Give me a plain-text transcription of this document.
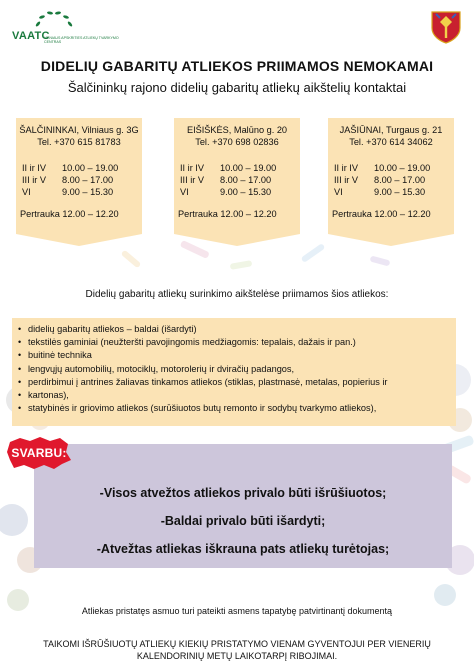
VAATC
VILNIAUS APSKRITIES ATLIEKŲ TVARKYMO CENTRAS
DIDELIŲ GABARITŲ ATLIEKOS PRIIMAMOS NEMOKAMAI
Šalčininkų rajono didelių gabaritų atliekų aikštelių kontaktai
ŠALČININKAI, Vilniaus g. 3G
Tel. +370 615 81783
II ir IV	10.00 – 19.00
III ir V	8.00 – 17.00
VI	9.00 – 15.30
Pertrauka 12.00 – 12.20
EIŠIŠKĖS, Malūno g. 20
Tel. +370 698 02836
II ir IV	10.00 – 19.00
III ir V	8.00 – 17.00
VI	9.00 – 15.30
Pertrauka 12.00 – 12.20
JAŠIŪNAI, Turgaus g. 21
Tel. +370 614 34062
II ir IV	10.00 – 19.00
III ir V	8.00 – 17.00
VI	9.00 – 15.30
Pertrauka 12.00 – 12.20
Didelių gabaritų atliekų surinkimo aikštelėse priimamos šios atliekos:
• didelių gabaritų atliekos – baldai (išardyti)
• tekstilės gaminiai (neužteršti pavojingomis medžiagomis: tepalais, dažais ir pan.)
• buitinė technika
• lengvųjų automobilių, motociklų, motorolerių ir dviračių padangos,
• perdirbimui į antrines žaliavas tinkamos atliekos (stiklas, plastmasė, metalas, popierius ir
• kartonas),
• statybinės ir griovimo atliekos (surūšiuotos butų remonto ir sodybų tvarkymo atliekos),
-Visos atvežtos atliekos privalo būti išrūšiuotos;
-Baldai privalo būti išardyti;
-Atvežtas atliekas iškrauna pats atliekų turėtojas;
SVARBU:
Atliekas pristatęs asmuo turi pateikti asmens tapatybę patvirtinantį dokumentą
TAIKOMI IŠRŪŠIUOTŲ ATLIEKŲ KIEKIŲ PRISTATYMO VIENAM GYVENTOJUI PER VIENERIŲ
KALENDORINIŲ METŲ LAIKOTARPĮ RIBOJIMAI.
